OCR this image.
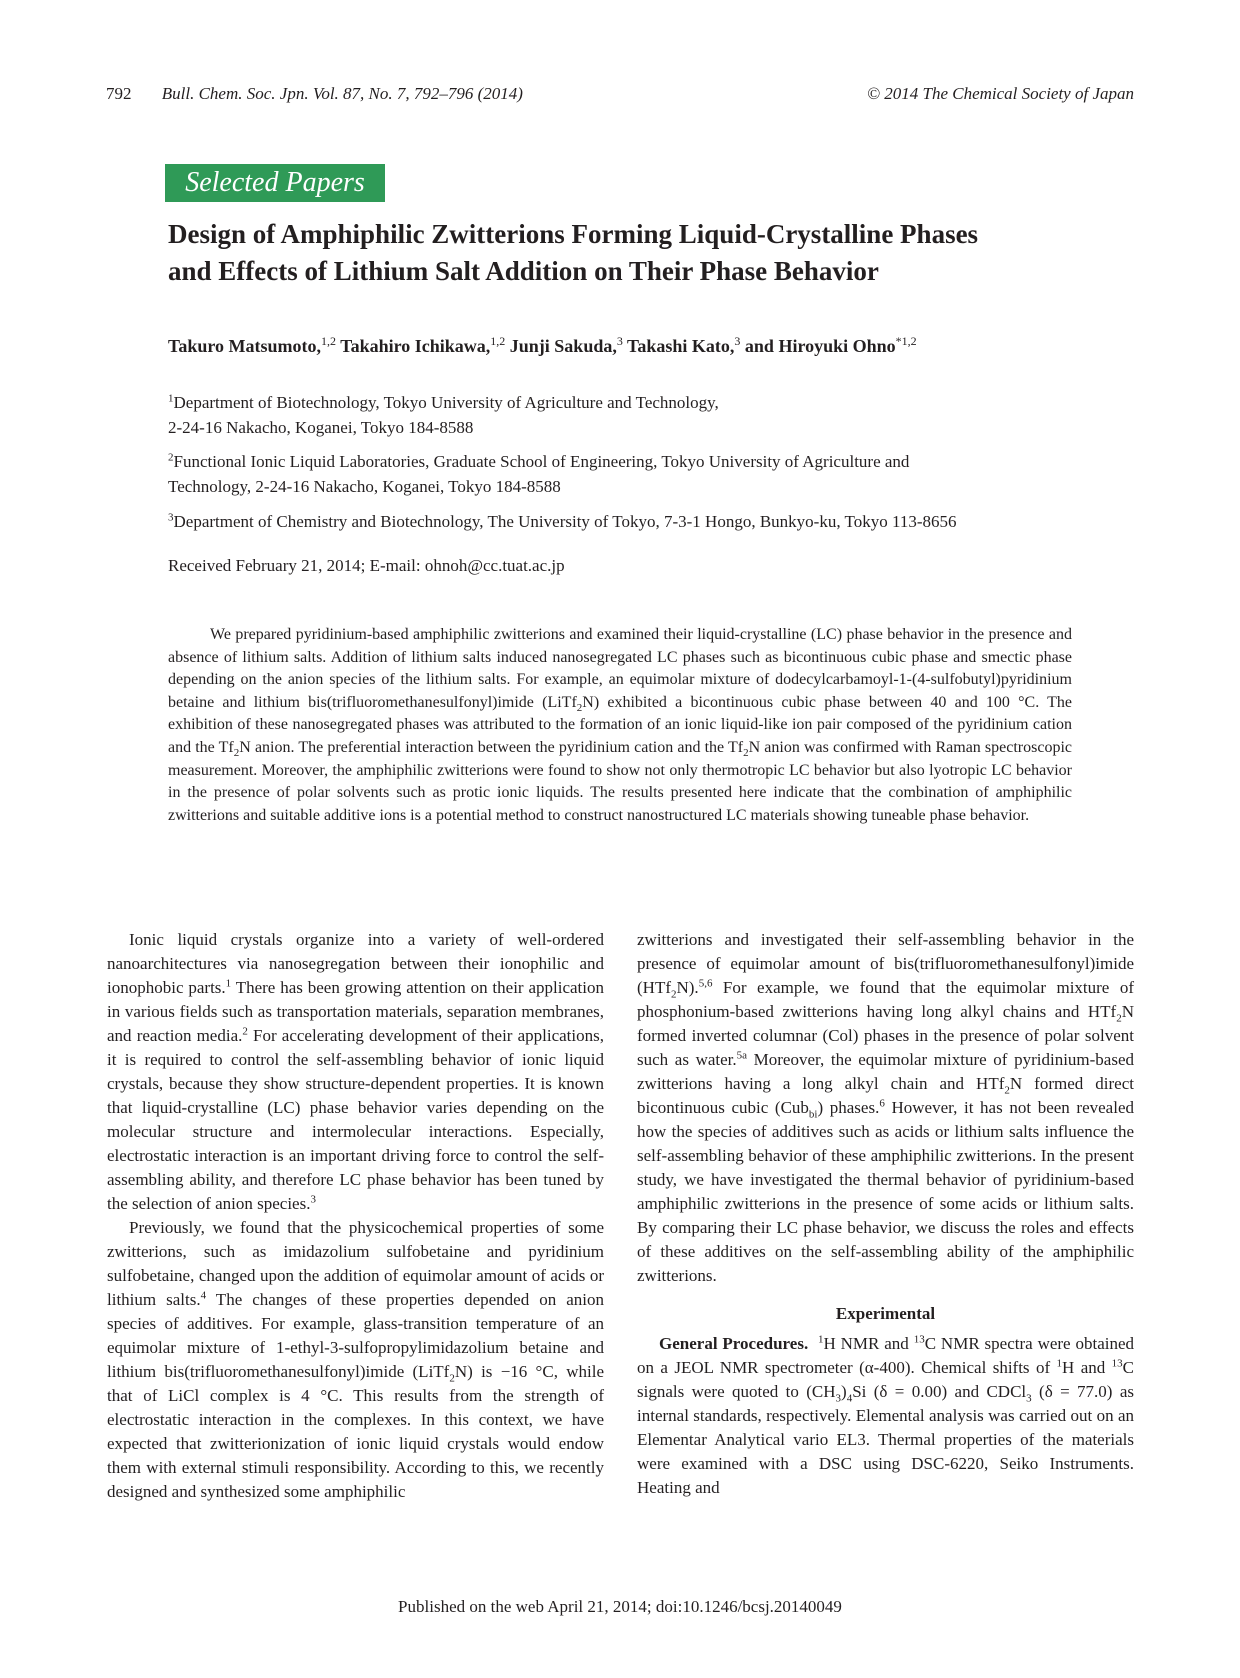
792 Bull. Chem. Soc. Jpn. Vol. 87, No. 7, 792–796 (2014)	© 2014 The Chemical Society of Japan
Selected Papers
Design of Amphiphilic Zwitterions Forming Liquid-Crystalline Phases
and Effects of Lithium Salt Addition on Their Phase Behavior
Takuro Matsumoto,$^{1,2}$ Takahiro Ichikawa,$^{1,2}$ Junji Sakuda,$^3$ Takashi Kato,$^3$ and Hiroyuki Ohno$^{*1,2}$

$^1$Department of Biotechnology, Tokyo University of Agriculture and Technology,
2-24-16 Nakacho, Koganei, Tokyo 184-8588

$^2$Functional Ionic Liquid Laboratories, Graduate School of Engineering, Tokyo University of Agriculture and
Technology, 2-24-16 Nakacho, Koganei, Tokyo 184-8588

$^3$Department of Chemistry and Biotechnology, The University of Tokyo, 7-3-1 Hongo, Bunkyo-ku, Tokyo 113-8656

Received February 21, 2014; E-mail: ohnoh@cc.tuat.ac.jp

We prepared pyridinium-based amphiphilic zwitterions and examined their liquid-crystalline (LC) phase behavior in the presence and absence of lithium salts. Addition of lithium salts induced nanosegregated LC phases such as bicontinuous cubic phase and smectic phase depending on the anion species of the lithium salts. For example, an equimolar mixture of dodecylcarbamoyl-1-(4-sulfobutyl)pyridinium betaine and lithium bis(trifluoromethanesulfonyl)imide (LiTf$_2$N) exhibited a bicontinuous cubic phase between 40 and 100 °C. The exhibition of these nanosegregated phases was attributed to the formation of an ionic liquid-like ion pair composed of the pyridinium cation and the $Tf_2N$ anion. The preferential interaction between the pyridinium cation and the $Tf_2N$ anion was confirmed with Raman spectroscopic measurement. Moreover, the amphiphilic zwitterions were found to show not only thermotropic LC behavior but also lyotropic LC behavior in the presence of polar solvents such as protic ionic liquids. The results presented here indicate that the combination of amphiphilic zwitterions and suitable additive ions is a potential method to construct nanostructured LC materials showing tuneable phase behavior.

Ionic liquid crystals organize into a variety of well-ordered nanoarchitectures via nanosegregation between their ionophilic and ionophobic parts.$^1$ There has been growing attention on their application in various fields such as transportation materials, separation membranes, and reaction media.$^2$ For accelerating development of their applications, it is required to control the self-assembling behavior of ionic liquid crystals, because they show structure-dependent properties. It is known that liquid-crystalline (LC) phase behavior varies depending on the molecular structure and intermolecular interactions. Especially, electrostatic interaction is an important driving force to control the self-assembling ability, and therefore LC phase behavior has been tuned by the selection of anion species.$^3$

Previously, we found that the physicochemical properties of some zwitterions, such as imidazolium sulfobetaine and pyridinium sulfobetaine, changed upon the addition of equimolar amount of acids or lithium salts.$^4$ The changes of these properties depended on anion species of additives. For example, glass-transition temperature of an equimolar mixture of 1-ethyl-3-sulfopropylimidazolium betaine and lithium bis(trifluoromethanesulfonyl)imide (LiTf$_2$N) is −16 °C, while that of LiCl complex is 4 °C. This results from the strength of electrostatic interaction in the complexes. In this context, we have expected that zwitterionization of ionic liquid crystals would endow them with external stimuli responsibility. According to this, we recently designed and synthesized some amphiphilic

zwitterions and investigated their self-assembling behavior in the presence of equimolar amount of bis(trifluoromethanesulfonyl)imide (HTf$_2$N).$^{5,6}$ For example, we found that the equimolar mixture of phosphonium-based zwitterions having long alkyl chains and HTf$_2$N formed inverted columnar (Col) phases in the presence of polar solvent such as water.$^{5a}$ Moreover, the equimolar mixture of pyridinium-based zwitterions having a long alkyl chain and HTf$_2$N formed direct bicontinuous cubic (Cub$_{bi}$) phases.$^6$ However, it has not been revealed how the species of additives such as acids or lithium salts influence the self-assembling behavior of these amphiphilic zwitterions. In the present study, we have investigated the thermal behavior of pyridinium-based amphiphilic zwitterions in the presence of some acids or lithium salts. By comparing their LC phase behavior, we discuss the roles and effects of these additives on the self-assembling ability of the amphiphilic zwitterions.

Experimental

General Procedures. $^1$H NMR and $^{13}$C NMR spectra were obtained on a JEOL NMR spectrometer (α-400). Chemical shifts of $^1$H and $^{13}$C signals were quoted to $(CH_3)_4Si$ (δ = 0.00) and CDCl$_3$ (δ = 77.0) as internal standards, respectively. Elemental analysis was carried out on an Elementar Analytical vario EL3. Thermal properties of the materials were examined with a DSC using DSC-6220, Seiko Instruments. Heating and

Published on the web April 21, 2014; doi:10.1246/bcsj.20140049
